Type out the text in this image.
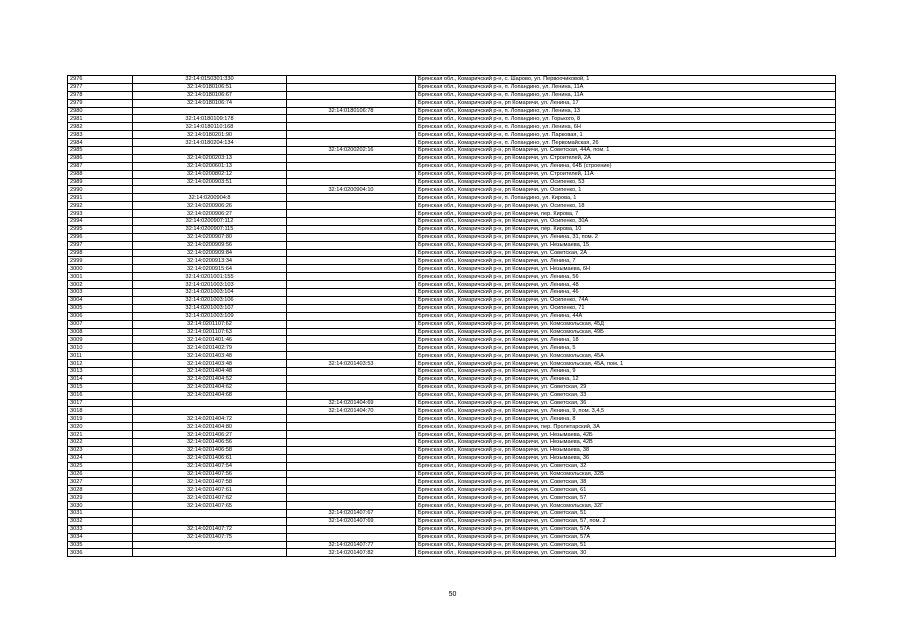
2976	32:14:0150301:330		Брянская обл., Комаричский р-н, с. Шарово, ул. Первоочиковой, 1
2977	32:14:0180106:51		Брянская обл., Комаричский р-н, п. Лопандино, ул. Ленина, 11А
2978	32:14:0180106:67		Брянская обл., Комаричский р-н, п. Лопандино, ул. Ленина, 11А
2979	32:14:0180106:74		Брянская обл., Комаричский р-н, рп Комаричи, ул. Ленина, 17
2980		32:14:0180106:78	Брянская обл., Комаричский р-н, п. Лопандино, ул. Ленина, 13
2981	32:14:0180109:178		Брянская обл., Комаричский р-н, п. Лопандино, ул. Горького, 8
2982	32:14:0180110:168		Брянская обл., Комаричский р-н, п. Лопандино, ул. Ленина, 6Н
2983	32:14:0180201:90		Брянская обл., Комаричский р-н, п. Лопандино, ул. Парковая, 1
2984	32:14:0180204:134		Брянская обл., Комаричский р-н, п. Лопандино, ул. Первомайская, 26
2985		32:14:0200202:16	Брянская обл., Комаричский р-н, рп Комаричи, ул. Советская, 44А, пом. 1
2986	32:14:0200203:13		Брянская обл., Комаричский р-н, рп Комаричи, ул. Строителей, 2А
2987	32:14:0200601:13		Брянская обл., Комаричский р-н, рп Комаричи, ул. Ленина, 64Б (строение)
2988	32:14:0200802:12		Брянская обл., Комаричский р-н, рп Комаричи, ул. Строителей, 11А
2989	32:14:0200903:51		Брянская обл., Комаричский р-н, рп Комаричи, ул. Осипенко, 53
2990		32:14:0200904:10	Брянская обл., Комаричский р-н, рп Комаричи, ул. Осипенко, 1
2991	32:14:0200904:8		Брянская обл., Комаричский р-н, п. Лопандино, ул. Кирова, 1
2992	32:14:0200906:26		Брянская обл., Комаричский р-н, рп Комаричи, ул. Осипенко, 18
2993	32:14:0200906:27		Брянская обл., Комаричский р-н, рп Комаричи, пер. Кирова, 7
2994	32:14:0200907:112		Брянская обл., Комаричский р-н, рп Комаричи, ул. Осипенко, 30А
2995	32:14:0200907:115		Брянская обл., Комаричский р-н, рп Комаричи, пер. Кирова, 10
2996	32:14:0200907:80		Брянская обл., Комаричский р-н, рп Комаричи, ул. Ленина, 31, пом. 2
2997	32:14:0200909:56		Брянская обл., Комаричский р-н, рп Комаричи, ул. Незымаева, 15
2998	32:14:0200909:84		Брянская обл., Комаричский р-н, рп Комаричи, ул. Советская, 2А
2999	32:14:0200913:34		Брянская обл., Комаричский р-н, рп Комаричи, ул. Ленина, 7
3000	32:14:0200915:64		Брянская обл., Комаричский р-н, рп Комаричи, ул. Незымаева, 6Н
3001	32:14:0201001:155		Брянская обл., Комаричский р-н, рп Комаричи, ул. Ленина, 56
3002	32:14:0201003:103		Брянская обл., Комаричский р-н, рп Комаричи, ул. Ленина, 48
3003	32:14:0201003:104		Брянская обл., Комаричский р-н, рп Комаричи, ул. Ленина, 46
3004	32:14:0201003:106		Брянская обл., Комаричский р-н, рп Комаричи, ул. Осипенко, 74А
3005	32:14:0201003:107		Брянская обл., Комаричский р-н, рп Комаричи, ул. Осипенко, 71
3006	32:14:0201003:109		Брянская обл., Комаричский р-н, рп Комаричи, ул. Ленина, 44А
3007	32:14:0201107:62		Брянская обл., Комаричский р-н, рп Комаричи, ул. Комсомольская, 45Д
3008	32:14:0201107:63		Брянская обл., Комаричский р-н, рп Комаричи, ул. Комсомольская, 49Б
3009	32:14:0201401:46		Брянская обл., Комаричский р-н, рп Комаричи, ул. Ленина, 18
3010	32:14:0201402:79		Брянская обл., Комаричский р-н, рп Комаричи, ул. Ленина, 5
3011	32:14:0201403:48		Брянская обл., Комаричский р-н, рп Комаричи, ул. Комсомольская, 45А
3012	32:14:0201403:48	32:14:0201403:53	Брянская обл., Комаричский р-н, рп Комаричи, ул. Комсомольская, 45А, пом. 1
3013	32:14:0201404:48		Брянская обл., Комаричский р-н, рп Комаричи, ул. Ленина, 9
3014	32:14:0201404:52		Брянская обл., Комаричский р-н, рп Комаричи, ул. Ленина, 12
3015	32:14:0201404:62		Брянская обл., Комаричский р-н, рп Комаричи, ул. Советская, 29
3016	32:14:0201404:68		Брянская обл., Комаричский р-н, рп Комаричи, ул. Советская, 33
3017		32:14:0201404:69	Брянская обл., Комаричский р-н, рп Комаричи, ул. Советская, 36
3018		32:14:0201404:70	Брянская обл., Комаричский р-н, рп Комаричи, ул. Ленина, 9, пом. 3,4,5
3019	32:14:0201404:72		Брянская обл., Комаричский р-н, рп Комаричи, ул. Ленина, 8
3020	32:14:0201404:80		Брянская обл., Комаричский р-н, рп Комаричи, пер. Пролетарский, 3А
3021	32:14:0201406:27		Брянская обл., Комаричский р-н, рп Комаричи, ул. Незымаева, 42Б
3022	32:14:0201406:56		Брянская обл., Комаричский р-н, рп Комаричи, ул. Незымаева, 42В
3023	32:14:0201406:58		Брянская обл., Комаричский р-н, рп Комаричи, ул. Незымаева, 38
3024	32:14:0201406:61		Брянская обл., Комаричский р-н, рп Комаричи, ул. Незымаева, 36
3025	32:14:0201407:54		Брянская обл., Комаричский р-н, рп Комаричи, ул. Советская, 32
3026	32:14:0201407:56		Брянская обл., Комаричский р-н, рп Комаричи, ул. Комсомольская, 32В
3027	32:14:0201407:58		Брянская обл., Комаричский р-н, рп Комаричи, ул. Советская, 38
3028	32:14:0201407:61		Брянская обл., Комаричский р-н, рп Комаричи, ул. Советская, 61
3029	32:14:0201407:62		Брянская обл., Комаричский р-н, рп Комаричи, ул. Советская, 57
3030	32:14:0201407:65		Брянская обл., Комаричский р-н, рп Комаричи, ул. Комсомольская, 32Г
3031		32:14:0201407:67	Брянская обл., Комаричский р-н, рп Комаричи, ул. Советская, 51
3032		32:14:0201407:69	Брянская обл., Комаричский р-н, рп Комаричи, ул. Советская, 57, пом. 2
3033	32:14:0201407:72		Брянская обл., Комаричский р-н, рп Комаричи, ул. Советская, 57А
3034	32:14:0201407:75		Брянская обл., Комаричский р-н, рп Комаричи, ул. Советская, 57А
3035		32:14:0201407:77	Брянская обл., Комаричский р-н, рп Комаричи, ул. Советская, 51
3036		32:14:0201407:82	Брянская обл., Комаричский р-н, рп Комаричи, ул. Советская, 30
50
